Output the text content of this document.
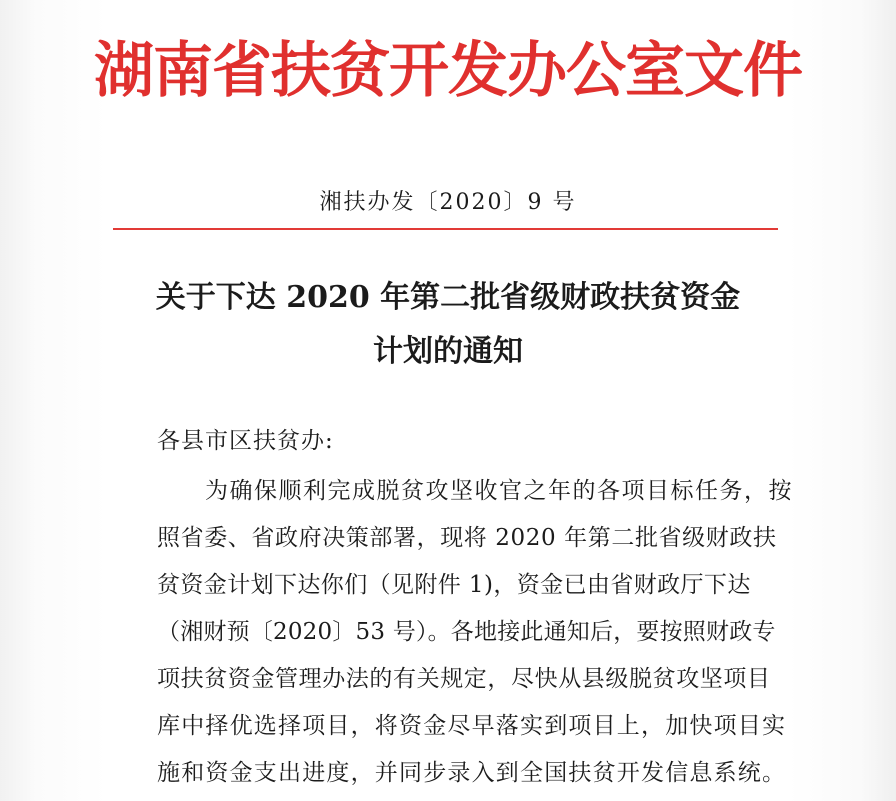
湖南省扶贫开发办公室文件
湘扶办发〔2020〕9 号
关于下达 2020 年第二批省级财政扶贫资金
计划的通知
各县市区扶贫办:
为确保顺利完成脱贫攻坚收官之年的各项目标任务，按
照省委、省政府决策部署，现将 2020 年第二批省级财政扶
贫资金计划下达你们（见附件 1)，资金已由省财政厅下达
（湘财预〔2020〕53 号）。各地接此通知后，要按照财政专
项扶贫资金管理办法的有关规定，尽快从县级脱贫攻坚项目
库中择优选择项目，将资金尽早落实到项目上，加快项目实
施和资金支出进度，并同步录入到全国扶贫开发信息系统。
